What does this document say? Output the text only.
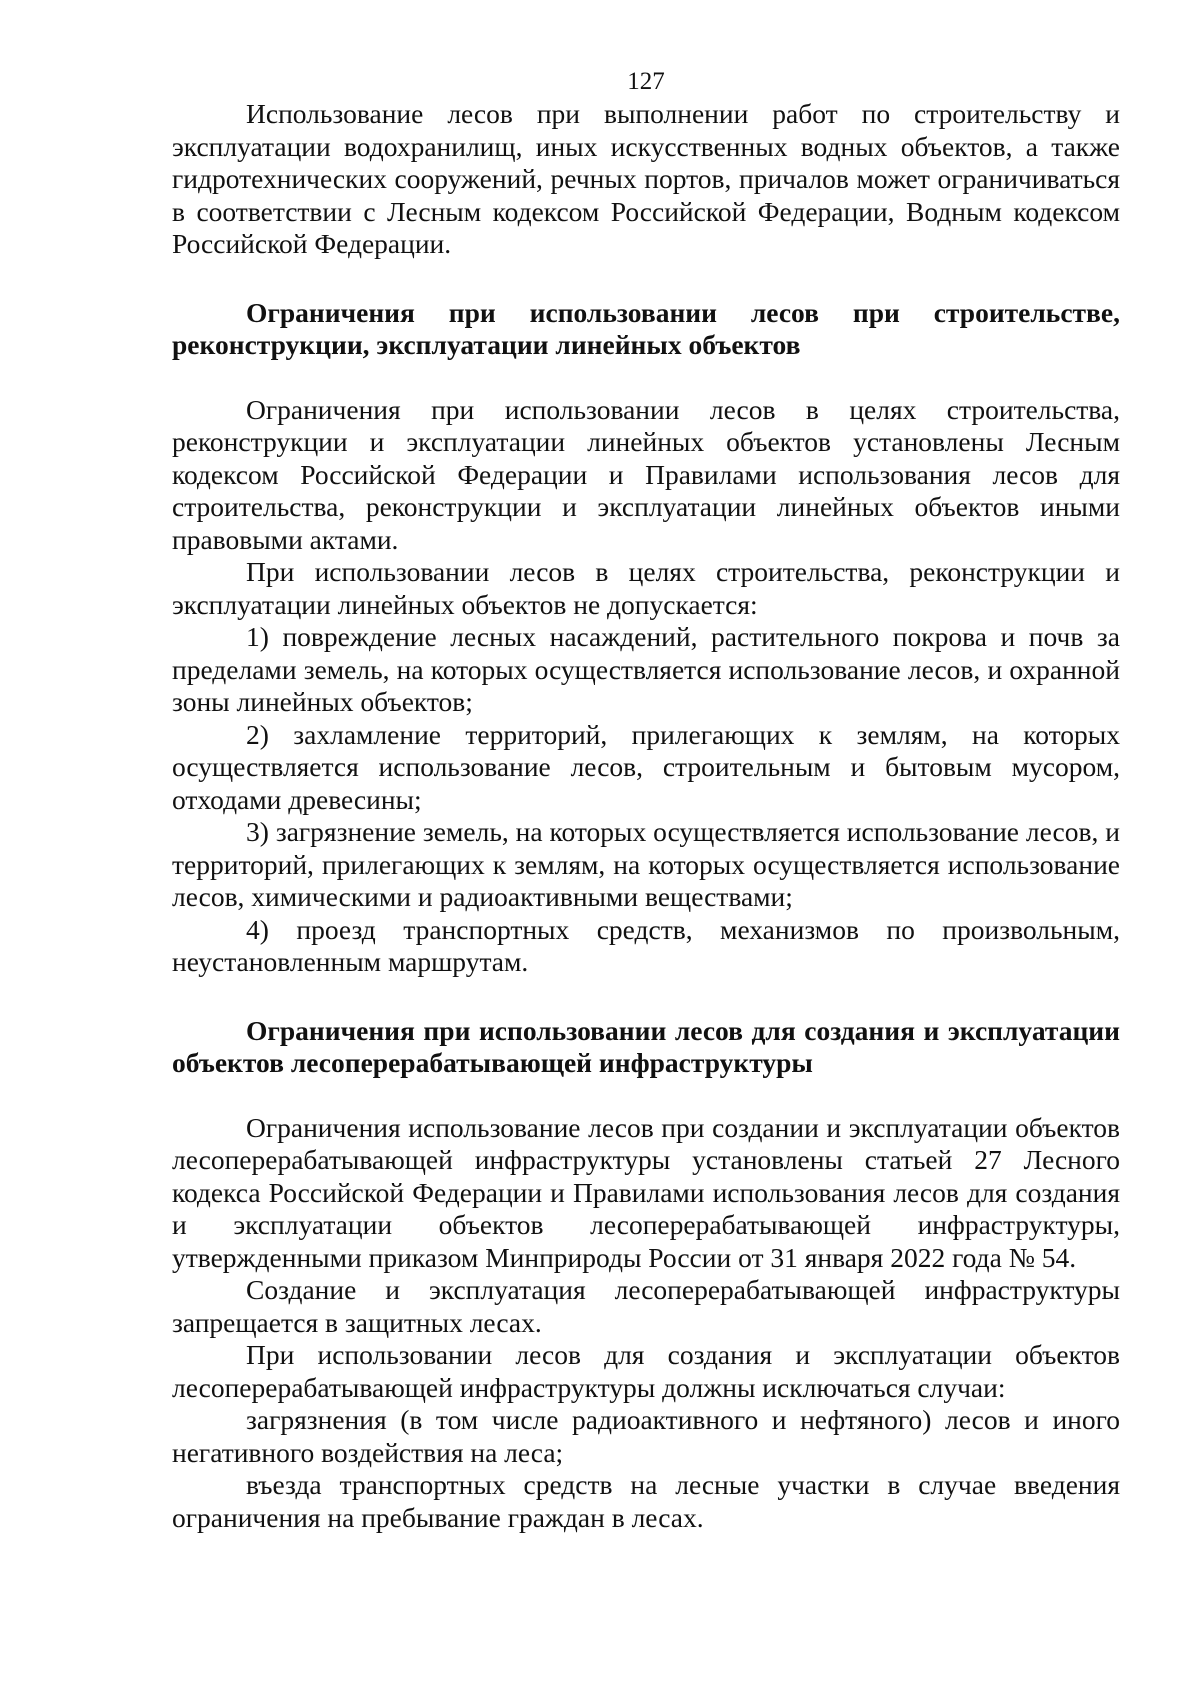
127

Использование лесов при выполнении работ по строительству и эксплуатации водохранилищ, иных искусственных водных объектов, а также гидротехнических сооружений, речных портов, причалов может ограничиваться в соответствии с Лесным кодексом Российской Федерации, Водным кодексом Российской Федерации.

Ограничения при использовании лесов при строительстве, реконструкции, эксплуатации линейных объектов

Ограничения при использовании лесов в целях строительства, реконструкции и эксплуатации линейных объектов установлены Лесным кодексом Российской Федерации и Правилами использования лесов для строительства, реконструкции и эксплуатации линейных объектов иными правовыми актами.

При использовании лесов в целях строительства, реконструкции и эксплуатации линейных объектов не допускается:

1) повреждение лесных насаждений, растительного покрова и почв за пределами земель, на которых осуществляется использование лесов, и охранной зоны линейных объектов;

2) захламление территорий, прилегающих к землям, на которых осуществляется использование лесов, строительным и бытовым мусором, отходами древесины;

3) загрязнение земель, на которых осуществляется использование лесов, и территорий, прилегающих к землям, на которых осуществляется использование лесов, химическими и радиоактивными веществами;

4) проезд транспортных средств, механизмов по произвольным, неустановленным маршрутам.

Ограничения при использовании лесов для создания и эксплуатации объектов лесоперерабатывающей инфраструктуры

Ограничения использование лесов при создании и эксплуатации объектов лесоперерабатывающей инфраструктуры установлены статьей 27 Лесного кодекса Российской Федерации и Правилами использования лесов для создания и эксплуатации объектов лесоперерабатывающей инфраструктуры, утвержденными приказом Минприроды России от 31 января 2022 года № 54.

Создание и эксплуатация лесоперерабатывающей инфраструктуры запрещается в защитных лесах.

При использовании лесов для создания и эксплуатации объектов лесоперерабатывающей инфраструктуры должны исключаться случаи:

загрязнения (в том числе радиоактивного и нефтяного) лесов и иного негативного воздействия на леса;

въезда транспортных средств на лесные участки в случае введения ограничения на пребывание граждан в лесах.
